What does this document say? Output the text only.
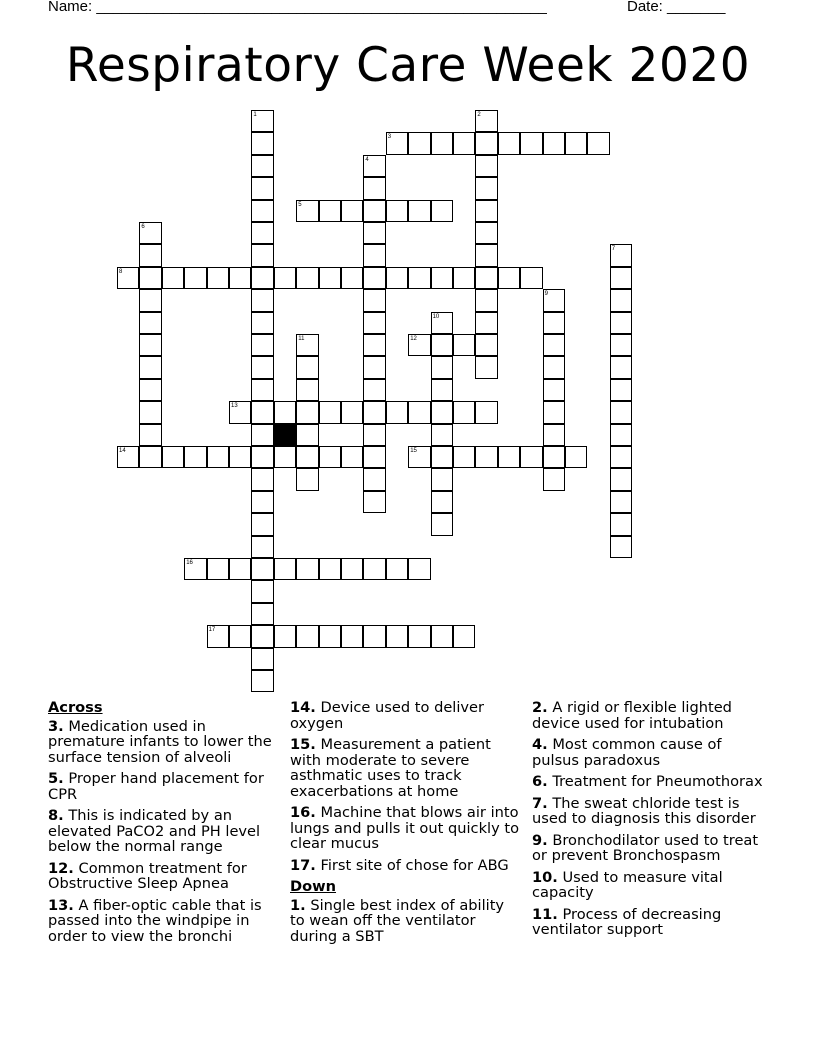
Name: ______________________________________________________	Date: _______
Respiratory Care Week 2020
3
5
8
12
13
14	15
16
17
1	2
4
6
7
9
10
11
Across
3. Medication used in premature infants to lower the surface tension of alveoli
5. Proper hand placement for CPR
8. This is indicated by an elevated PaCO2 and PH level below the normal range
12. Common treatment for Obstructive Sleep Apnea
13. A fiber-optic cable that is passed into the windpipe in order to view the bronchi
14. Device used to deliver oxygen
15. Measurement a patient with moderate to severe asthmatic uses to track exacerbations at home
16. Machine that blows air into lungs and pulls it out quickly to clear mucus
17. First site of chose for ABG
Down
1. Single best index of ability to wean off the ventilator during a SBT
2. A rigid or flexible lighted device used for intubation
4. Most common cause of pulsus paradoxus
6. Treatment for Pneumothorax
7. The sweat chloride test is used to diagnosis this disorder
9. Bronchodilator used to treat or prevent Bronchospasm
10. Used to measure vital capacity
11. Process of decreasing ventilator support
